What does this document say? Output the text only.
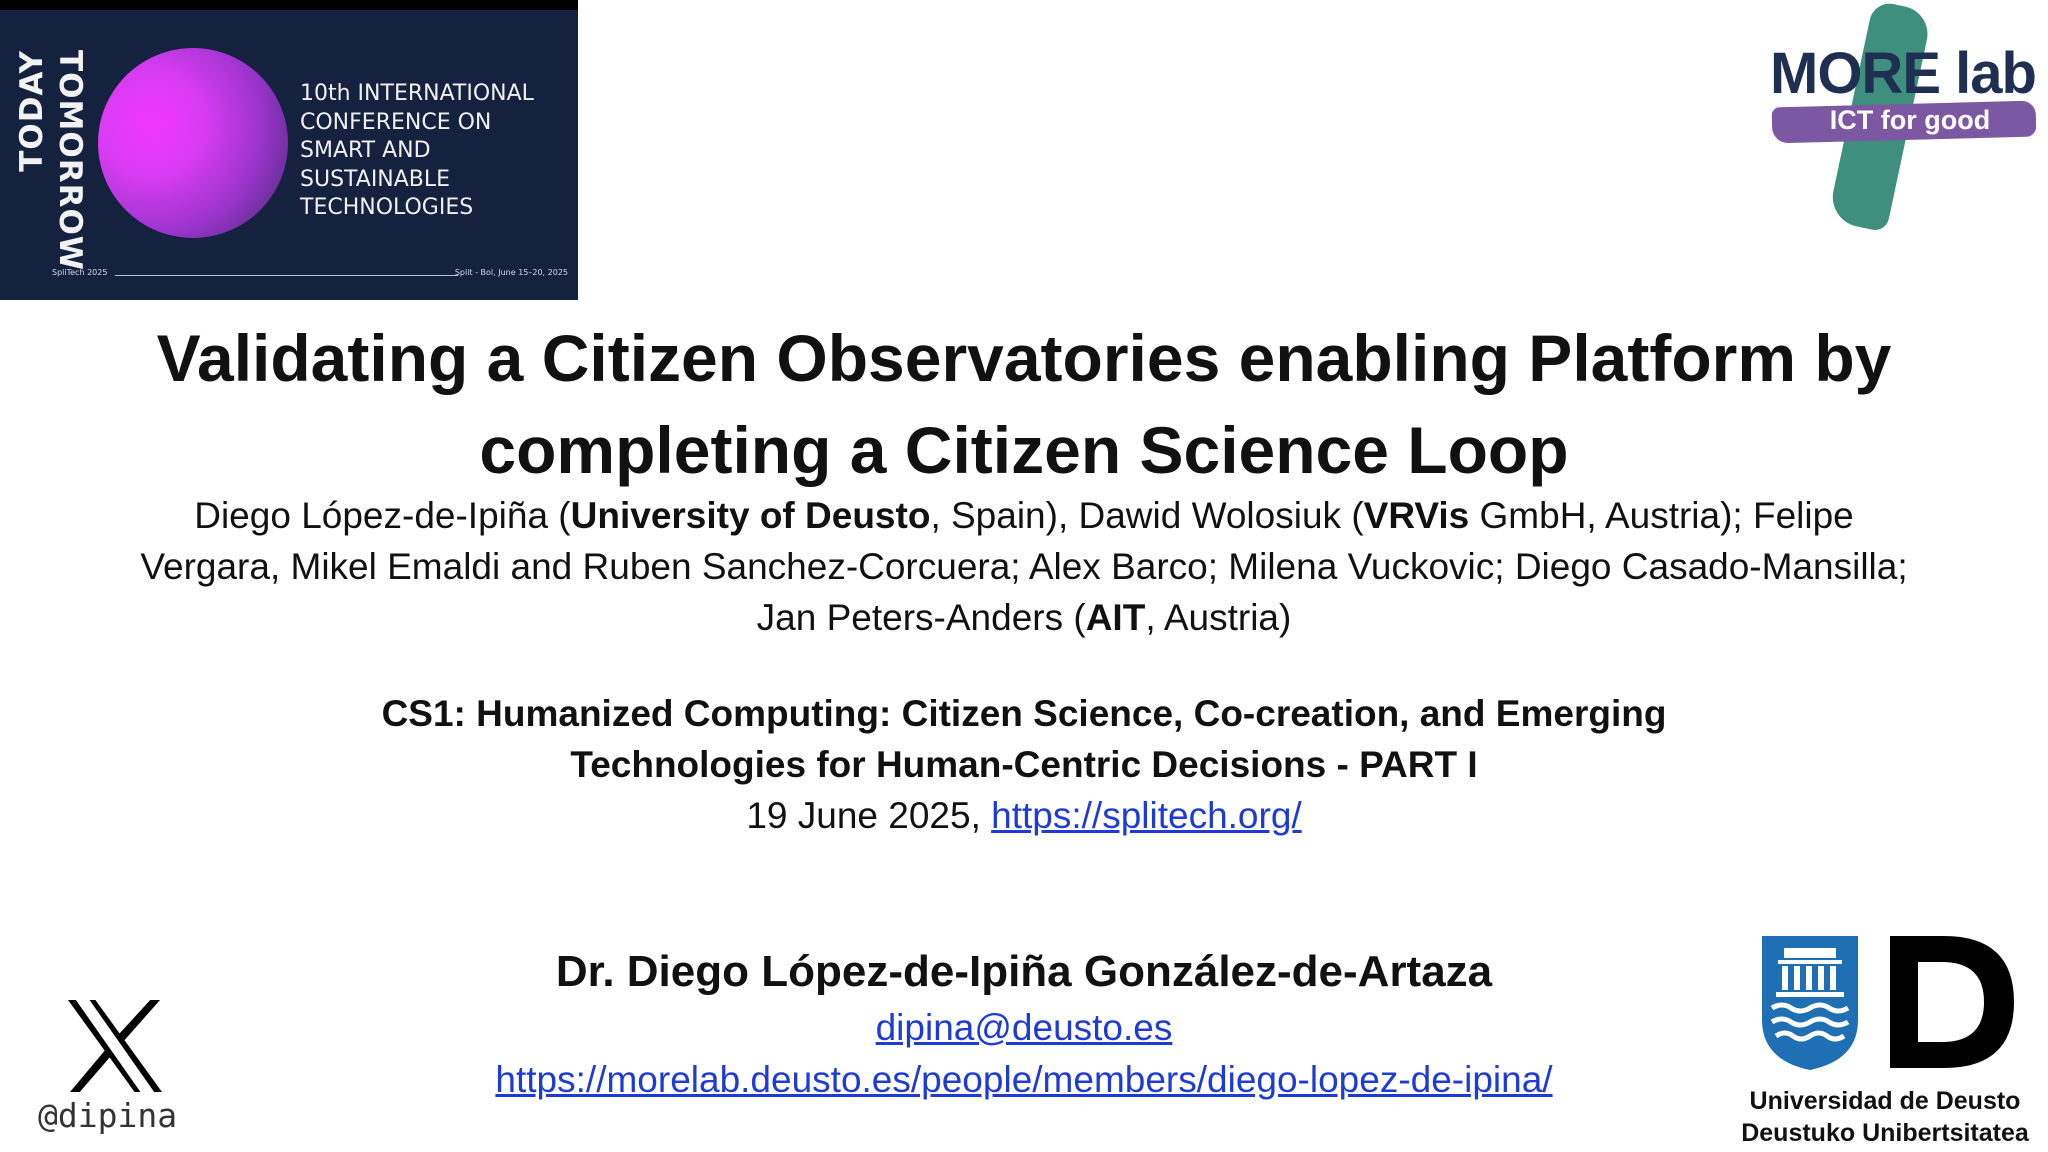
TODAY TOMORROW	10th INTERNATIONAL
CONFERENCE ON
SMART AND
SUSTAINABLE
TECHNOLOGIES
SpliTech 2025	Split - Bol, June 15–20, 2025
MORE lab
ICT for good
Validating a Citizen Observatories enabling Platform by
completing a Citizen Science Loop
Diego López-de-Ipiña (University of Deusto, Spain), Dawid Wolosiuk (VRVis GmbH, Austria); Felipe
Vergara, Mikel Emaldi and Ruben Sanchez-Corcuera; Alex Barco; Milena Vuckovic; Diego Casado-Mansilla;
Jan Peters-Anders (AIT, Austria)
CS1: Humanized Computing: Citizen Science, Co-creation, and Emerging
Technologies for Human-Centric Decisions - PART I
19 June 2025, https://splitech.org/
Dr. Diego López-de-Ipiña González-de-Artaza
dipina@deusto.es
https://morelab.deusto.es/people/members/diego-lopez-de-ipina/
@dipina	Universidad de Deusto
Deustuko Unibertsitatea
